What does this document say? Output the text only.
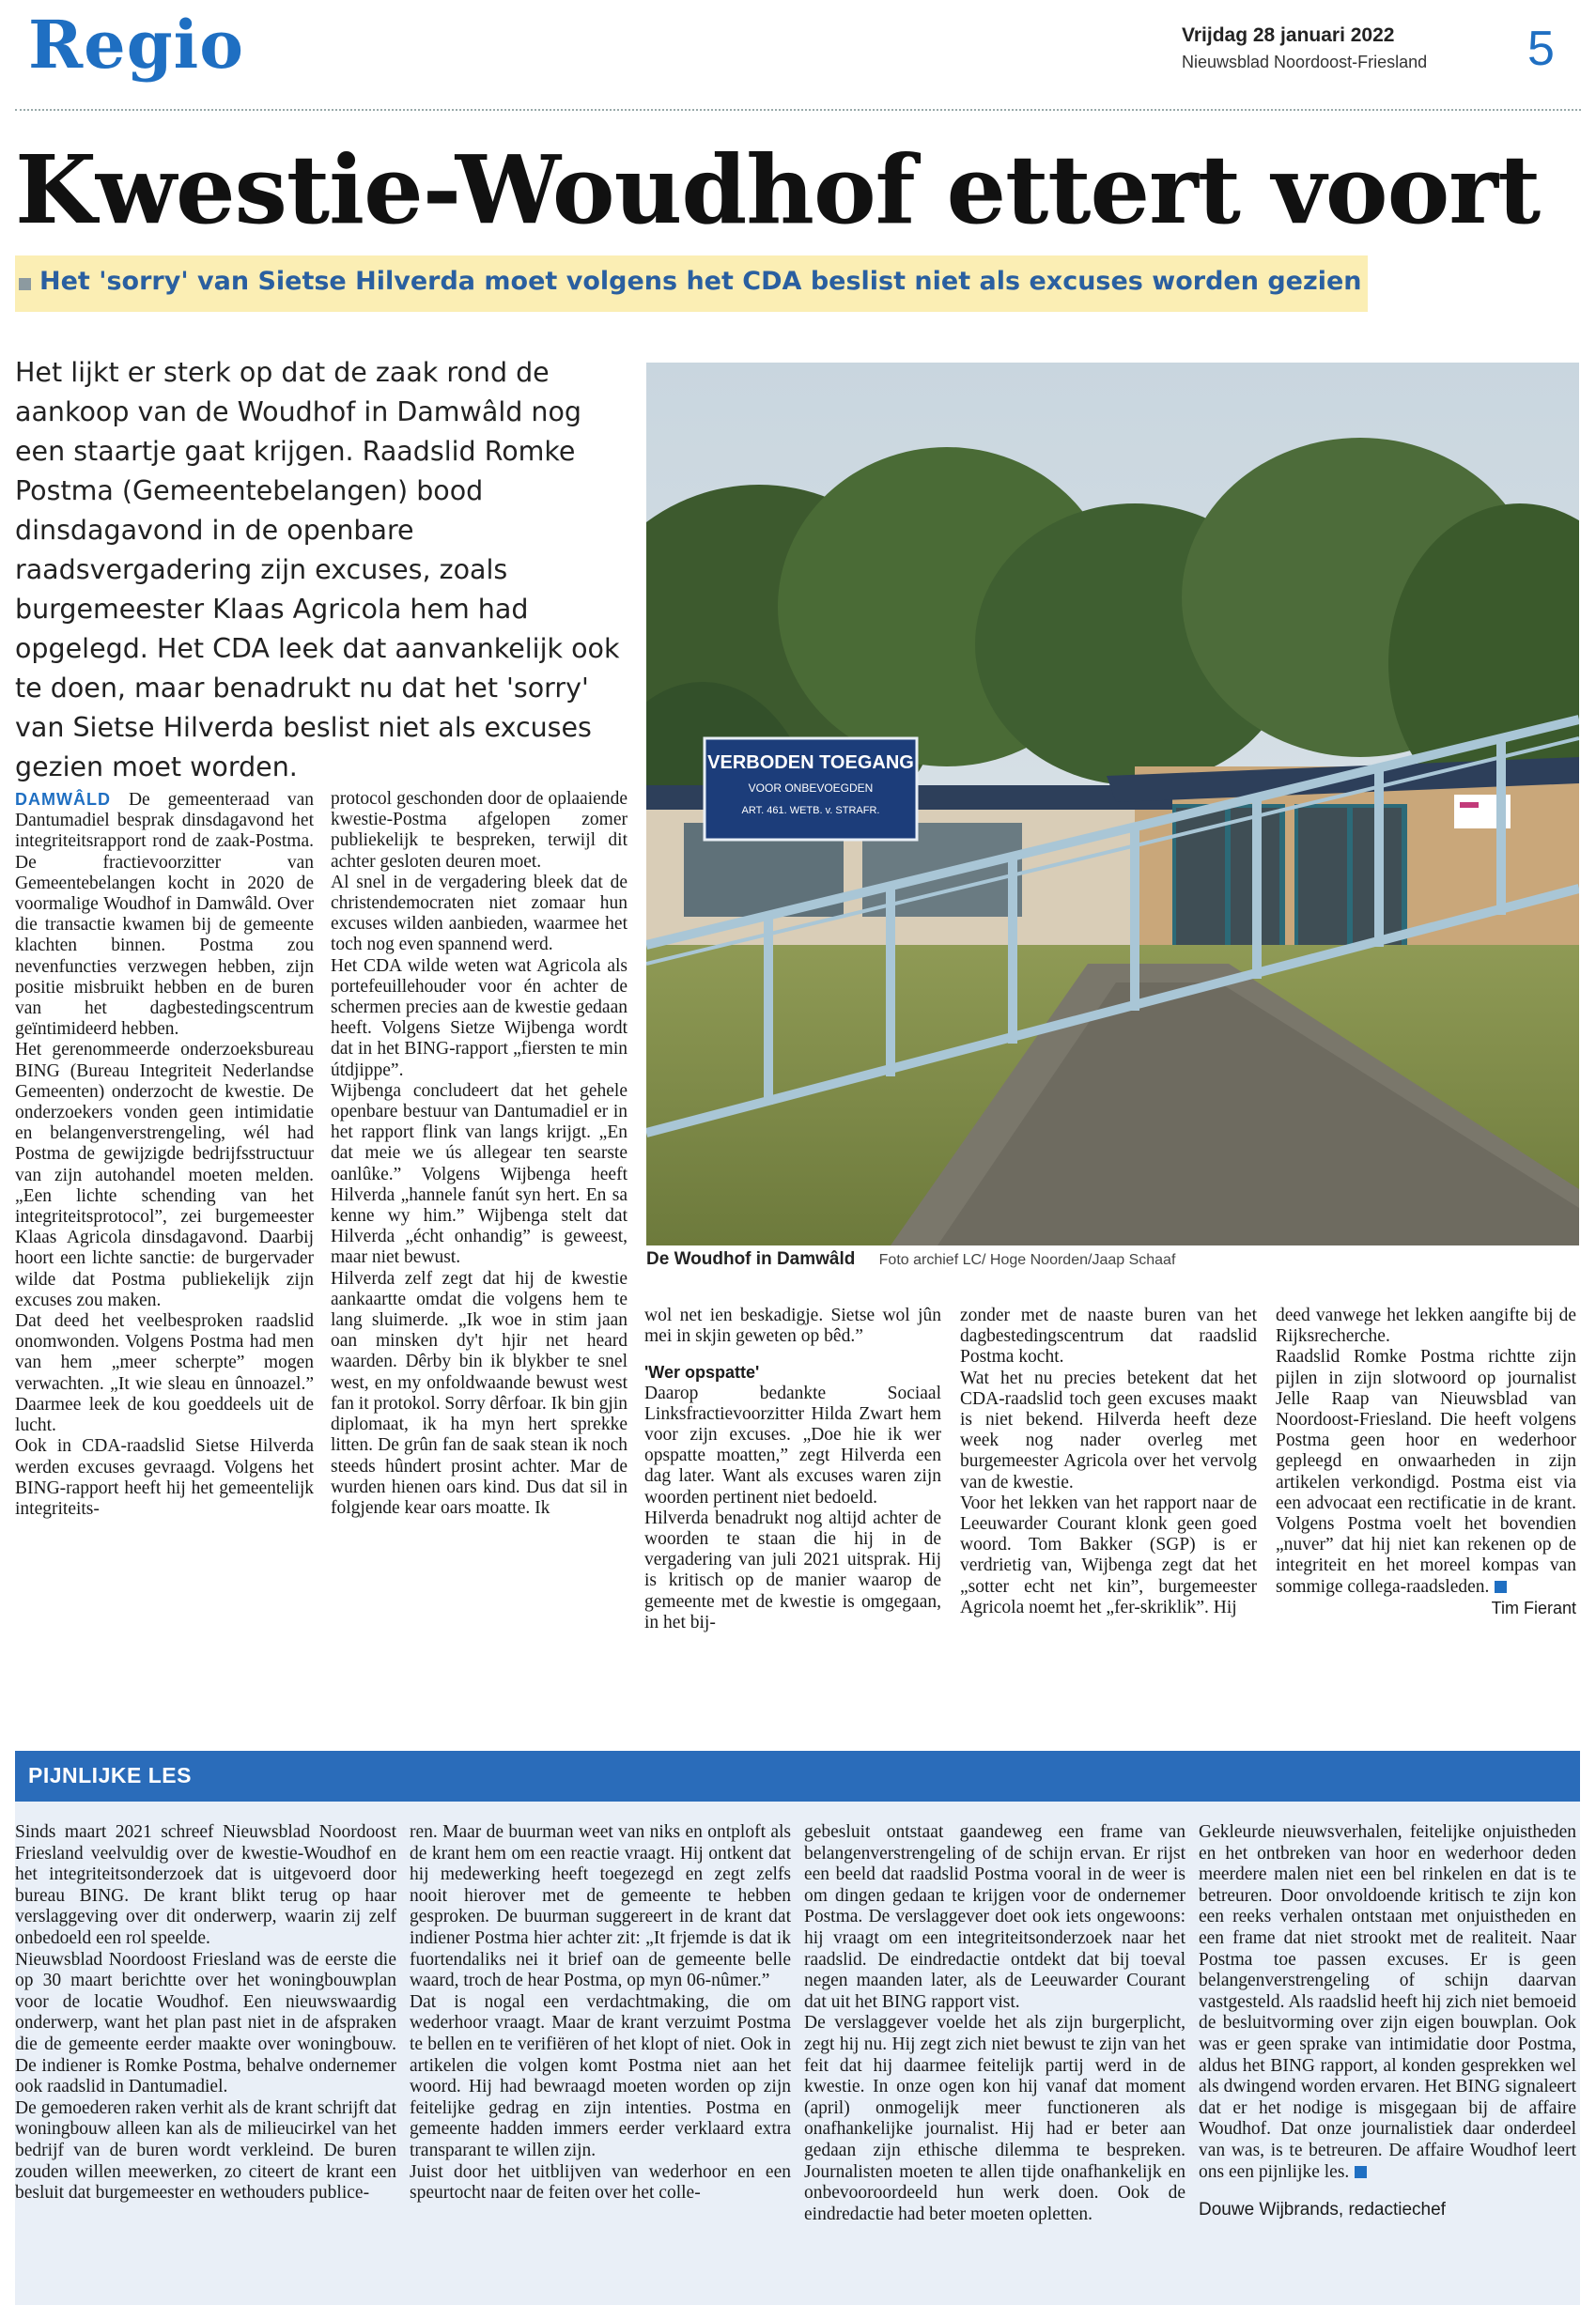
Regio	Vrijdag 28 januari 2022
Nieuwsblad Noordoost-Friesland 5
Kwestie-Woudhof ettert voort
Het 'sorry' van Sietse Hilverda moet volgens het CDA beslist niet als excuses worden gezien
Het lijkt er sterk op dat de zaak rond de aankoop van de Woudhof in Damwâld nog een staartje gaat krijgen. Raadslid Romke Postma (Gemeentebelangen) bood dinsdagavond in de openbare raadsvergadering zijn excuses, zoals burgemeester Klaas Agricola hem had opgelegd. Het CDA leek dat aanvankelijk ook te doen, maar benadrukt nu dat het 'sorry' van Sietse Hilverda beslist niet als excuses gezien moet worden.	VERBODEN TOEGANG
VOOR ONBEVOEGDEN
ART. 461. WETB. v. STRAFR.
De Woudhof in Damwâld Foto archief LC/ Hoge Noorden/Jaap Schaaf

DAMWÂLD De gemeenteraad van Dantumadiel besprak dinsdagavond het integriteitsrapport rond de zaak-Postma. De fractievoorzitter van Gemeentebelangen kocht in 2020 de voormalige Woudhof in Damwâld. Over die transactie kwamen bij de gemeente klachten binnen. Postma zou nevenfuncties verzwegen hebben, zijn positie misbruikt hebben en de buren van het dagbestedingscentrum geïntimideerd hebben.

Het gerenommeerde onderzoeksbureau BING (Bureau Integriteit Nederlandse Gemeenten) onderzocht de kwestie. De onderzoekers vonden geen intimidatie en belangenverstrengeling, wél had Postma de gewijzigde bedrijfsstructuur van zijn autohandel moeten melden. „Een lichte schending van het integriteitsprotocol”, zei burgemeester Klaas Agricola dinsdagavond. Daarbij hoort een lichte sanctie: de burgervader wilde dat Postma publiekelijk zijn excuses zou maken.

Dat deed het veelbesproken raadslid onomwonden. Volgens Postma had men van hem „meer scherpte” mogen verwachten. „It wie sleau en ûnnoazel.” Daarmee leek de kou goeddeels uit de lucht.

Ook in CDA-raadslid Sietse Hilverda werden excuses gevraagd. Volgens het BING-rapport heeft hij het gemeentelijk integriteits-

protocol geschonden door de oplaaiende kwestie-Postma afgelopen zomer publiekelijk te bespreken, terwijl dit achter gesloten deuren moet.

Al snel in de vergadering bleek dat de christendemocraten niet zomaar hun excuses wilden aanbieden, waarmee het toch nog even spannend werd.

Het CDA wilde weten wat Agricola als portefeuillehouder voor én achter de schermen precies aan de kwestie gedaan heeft. Volgens Sietze Wijbenga wordt dat in het BING-rapport „fiersten te min útdjippe”.

Wijbenga concludeert dat het gehele openbare bestuur van Dantumadiel er in het rapport flink van langs krijgt. „En dat meie we ús allegear ten searste oanlûke.” Volgens Wijbenga heeft Hilverda „hannele fanút syn hert. En sa kenne wy him.” Wijbenga stelt dat Hilverda „écht onhandig” is geweest, maar niet bewust.

Hilverda zelf zegt dat hij de kwestie aankaartte omdat die volgens hem te lang sluimerde. „Ik woe in stim jaan oan minsken dy't hjir net heard waarden. Dêrby bin ik blykber te snel west, en my onfoldwaande bewust west fan it protokol. Sorry dêrfoar. Ik bin gjin diplomaat, ik ha myn hert sprekke litten. De grûn fan de saak stean ik noch steeds hûndert prosint achter. Mar de wurden hienen oars kind. Dus dat sil in folgjende kear oars moatte. Ik

wol net ien beskadigje. Sietse wol jûn mei in skjin geweten op bêd.”

'Wer opspatte'

Daarop bedankte Sociaal Linksfractievoorzitter Hilda Zwart hem voor zijn excuses. „Doe hie ik wer opspatte moatten,” zegt Hilverda een dag later. Want als excuses waren zijn woorden pertinent niet bedoeld.

Hilverda benadrukt nog altijd achter de woorden te staan die hij in de vergadering van juli 2021 uitsprak. Hij is kritisch op de manier waarop de gemeente met de kwestie is omgegaan, in het bij-

zonder met de naaste buren van het dagbestedingscentrum dat raadslid Postma kocht.

Wat het nu precies betekent dat het CDA-raadslid toch geen excuses maakt is niet bekend. Hilverda heeft deze week nog nader overleg met burgemeester Agricola over het vervolg van de kwestie.

Voor het lekken van het rapport naar de Leeuwarder Courant klonk geen goed woord. Tom Bakker (SGP) is er verdrietig van, Wijbenga zegt dat het „sotter echt net kin”, burgemeester Agricola noemt het „fer-skriklik”. Hij

deed vanwege het lekken aangifte bij de Rijksrecherche.

Raadslid Romke Postma richtte zijn pijlen in zijn slotwoord op journalist Jelle Raap van Nieuwsblad van Noordoost-Friesland. Die heeft volgens Postma geen hoor en wederhoor gepleegd en onwaarheden in zijn artikelen verkondigd. Postma eist via een advocaat een rectificatie in de krant. Volgens Postma voelt het bovendien „nuver” dat hij niet kan rekenen op de integriteit en het moreel kompas van sommige collega-raadsleden.

Tim Fierant

PIJNLIJKE LES

Sinds maart 2021 schreef Nieuwsblad Noordoost Friesland veelvuldig over de kwestie-Woudhof en het integriteitsonderzoek dat is uitgevoerd door bureau BING. De krant blikt terug op haar verslaggeving over dit onderwerp, waarin zij zelf onbedoeld een rol speelde.

Nieuwsblad Noordoost Friesland was de eerste die op 30 maart berichtte over het woningbouwplan voor de locatie Woudhof. Een nieuwswaardig onderwerp, want het plan past niet in de afspraken die de gemeente eerder maakte over woningbouw. De indiener is Romke Postma, behalve ondernemer ook raadslid in Dantumadiel.

De gemoederen raken verhit als de krant schrijft dat woningbouw alleen kan als de milieucirkel van het bedrijf van de buren wordt verkleind. De buren zouden willen meewerken, zo citeert de krant een besluit dat burgemeester en wethouders publice-

ren. Maar de buurman weet van niks en ontploft als de krant hem om een reactie vraagt. Hij ontkent dat hij medewerking heeft toegezegd en zegt zelfs nooit hierover met de gemeente te hebben gesproken. De buurman suggereert in de krant dat indiener Postma hier achter zit: „It frjemde is dat ik fuortendaliks nei it brief oan de gemeente belle waard, troch de hear Postma, op myn 06-nûmer.”

Dat is nogal een verdachtmaking, die om wederhoor vraagt. Maar de krant verzuimt Postma te bellen en te verifiëren of het klopt of niet. Ook in artikelen die volgen komt Postma niet aan het woord. Hij had bewraagd moeten worden op zijn feitelijke gedrag en zijn intenties. Postma en gemeente hadden immers eerder verklaard extra transparant te willen zijn.

Juist door het uitblijven van wederhoor en een speurtocht naar de feiten over het colle-

gebesluit ontstaat gaandeweg een frame van belangenverstrengeling of de schijn ervan. Er rijst een beeld dat raadslid Postma vooral in de weer is om dingen gedaan te krijgen voor de ondernemer Postma. De verslaggever doet ook iets ongewoons: hij vraagt om een integriteitsonderzoek naar het raadslid. De eindredactie ontdekt dat bij toeval negen maanden later, als de Leeuwarder Courant dat uit het BING rapport vist.

De verslaggever voelde het als zijn burgerplicht, zegt hij nu. Hij zegt zich niet bewust te zijn van het feit dat hij daarmee feitelijk partij werd in de kwestie. In onze ogen kon hij vanaf dat moment (april) onmogelijk meer functioneren als onafhankelijke journalist. Hij had er beter aan gedaan zijn ethische dilemma te bespreken. Journalisten moeten te allen tijde onafhankelijk en onbevooroordeeld hun werk doen. Ook de eindredactie had beter moeten opletten.

Gekleurde nieuwsverhalen, feitelijke onjuistheden en het ontbreken van hoor en wederhoor deden meerdere malen niet een bel rinkelen en dat is te betreuren. Door onvoldoende kritisch te zijn kon een reeks verhalen ontstaan met onjuistheden en een frame dat niet strookt met de realiteit. Naar Postma toe passen excuses. Er is geen belangenverstrengeling of schijn daarvan vastgesteld. Als raadslid heeft hij zich niet bemoeid de besluitvorming over zijn eigen bouwplan. Ook was er geen sprake van intimidatie door Postma, aldus het BING rapport, al konden gesprekken wel als dwingend worden ervaren. Het BING signaleert dat er het nodige is misgegaan bij de affaire Woudhof. Dat onze journalistiek daar onderdeel van was, is te betreuren. De affaire Woudhof leert ons een pijnlijke les.

Douwe Wijbrands, redactiechef
